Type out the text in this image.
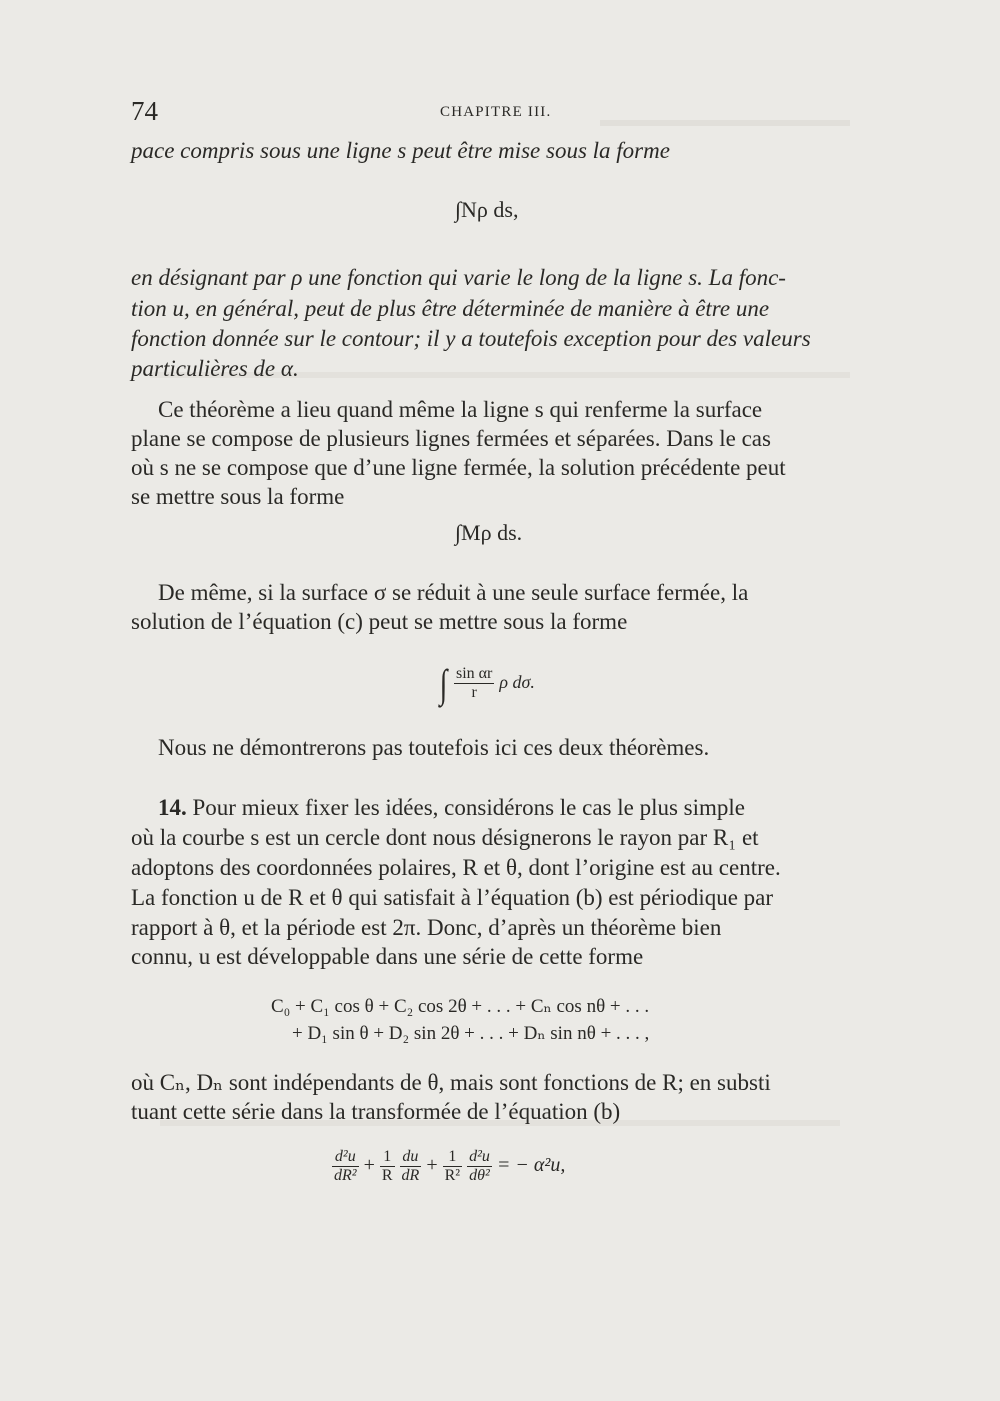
74	CHAPITRE III.
pace compris sous une ligne s peut être mise sous la forme
∫Nρ ds,
en désignant par ρ une fonction qui varie le long de la ligne s. La fonc-
tion u, en général, peut de plus être déterminée de manière à être une
fonction donnée sur le contour; il y a toutefois exception pour des valeurs
particulières de α.
Ce théorème a lieu quand même la ligne s qui renferme la surface
plane se compose de plusieurs lignes fermées et séparées. Dans le cas
où s ne se compose que d’une ligne fermée, la solution précédente peut
se mettre sous la forme
∫Mρ ds.
De même, si la surface σ se réduit à une seule surface fermée, la
solution de l’équation (c) peut se mettre sous la forme
∫ $\frac{\text{sin αr}}{r}$ ρ dσ.
Nous ne démontrerons pas toutefois ici ces deux théorèmes.
14. Pour mieux fixer les idées, considérons le cas le plus simple
où la courbe s est un cercle dont nous désignerons le rayon par R₁ et
adoptons des coordonnées polaires, R et θ, dont l’origine est au centre.
La fonction u de R et θ qui satisfait à l’équation (b) est périodique par
rapport à θ, et la période est 2π. Donc, d’après un théorème bien
connu, u est développable dans une série de cette forme
C₀ + C₁ cos θ + C₂ cos 2θ + . . . + Cₙ cos nθ + . . .
+ D₁ sin θ + D₂ sin 2θ + . . . + Dₙ sin nθ + . . . ,
où Cₙ, Dₙ sont indépendants de θ, mais sont fonctions de R; en substi
tuant cette série dans la transformée de l’équation (b)
$\frac{\text{d²u}}{\text{dR²}} + \frac{1}{R}$
$\frac{du}{dR} + \frac{1}{\text{R²}}$
$\frac{\text{d²u}}{\text{dθ²}}$ = − α²u,
